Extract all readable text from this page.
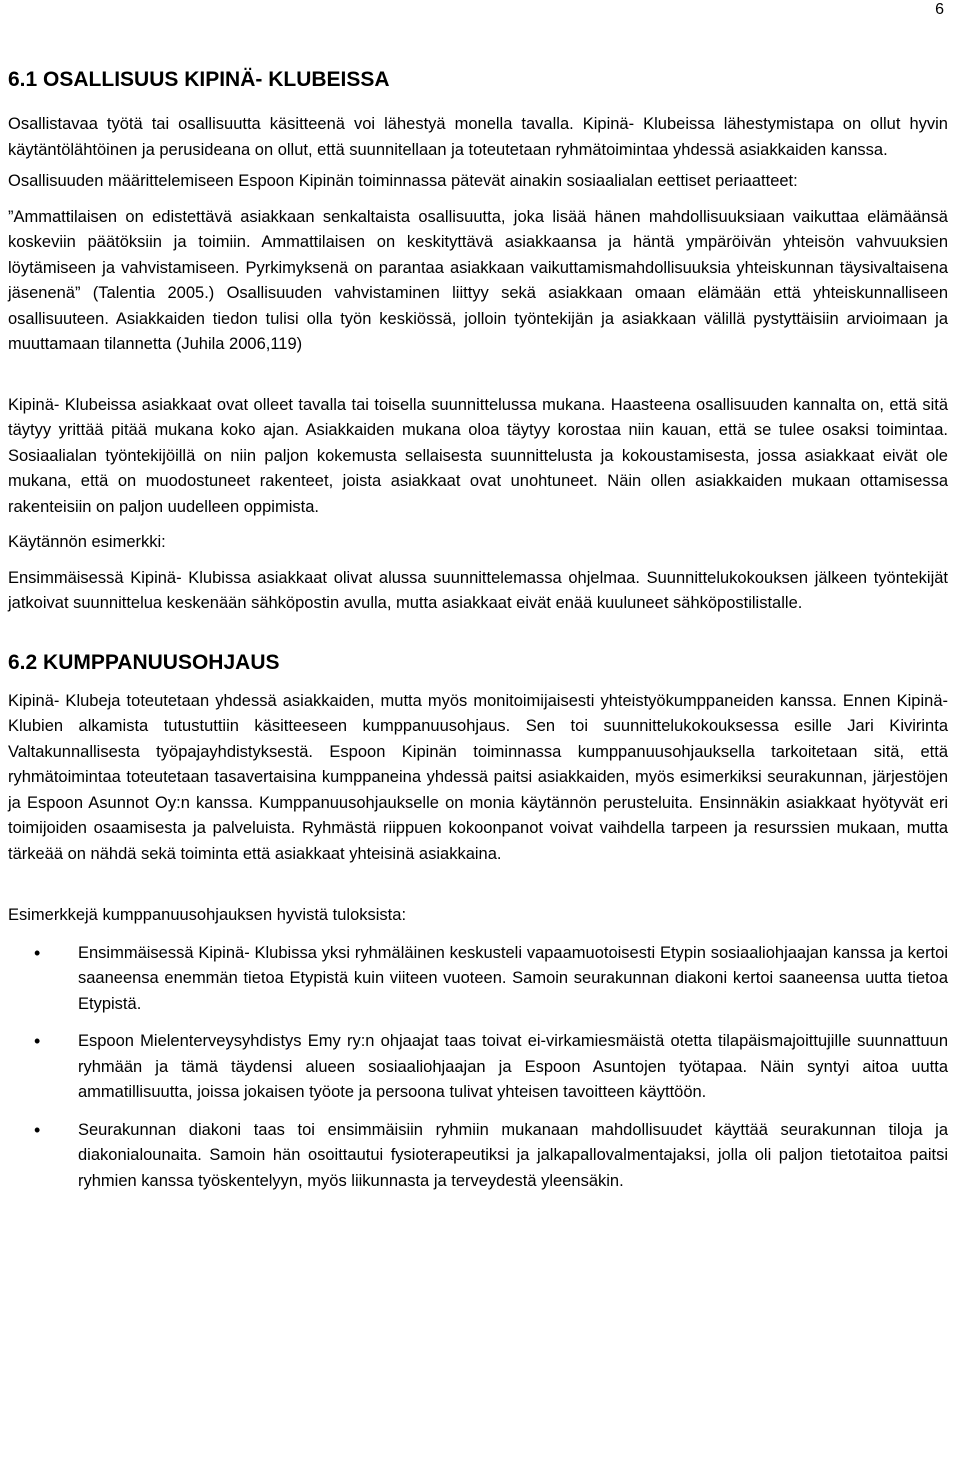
6
6.1 OSALLISUUS KIPINÄ- KLUBEISSA

Osallistavaa työtä tai osallisuutta käsitteenä voi lähestyä monella tavalla. Kipinä- Klubeissa lähestymistapa on ollut hyvin käytäntölähtöinen ja perusideana on ollut, että suunnitellaan ja toteutetaan ryhmätoimintaa yhdessä asiakkaiden kanssa.

Osallisuuden määrittelemiseen Espoon Kipinän toiminnassa pätevät ainakin sosiaalialan eettiset periaatteet:

”Ammattilaisen on edistettävä asiakkaan senkaltaista osallisuutta, joka lisää hänen mahdollisuuksiaan vaikuttaa elämäänsä koskeviin päätöksiin ja toimiin. Ammattilaisen on keskityttävä asiakkaansa ja häntä ympäröivän yhteisön vahvuuksien löytämiseen ja vahvistamiseen. Pyrkimyksenä on parantaa asiakkaan vaikuttamismahdollisuuksia yhteiskunnan täysivaltaisena jäsenenä” (Talentia 2005.) Osallisuuden vahvistaminen liittyy sekä asiakkaan omaan elämään että yhteiskunnalliseen osallisuuteen. Asiakkaiden tiedon tulisi olla työn keskiössä, jolloin työntekijän ja asiakkaan välillä pystyttäisiin arvioimaan ja muuttamaan tilannetta (Juhila 2006,119)

Kipinä- Klubeissa asiakkaat ovat olleet tavalla tai toisella suunnittelussa mukana. Haasteena osallisuuden kannalta on, että sitä täytyy yrittää pitää mukana koko ajan. Asiakkaiden mukana oloa täytyy korostaa niin kauan, että se tulee osaksi toimintaa. Sosiaalialan työntekijöillä on niin paljon kokemusta sellaisesta suunnittelusta ja kokoustamisesta, jossa asiakkaat eivät ole mukana, että on muodostuneet rakenteet, joista asiakkaat ovat unohtuneet. Näin ollen asiakkaiden mukaan ottamisessa rakenteisiin on paljon uudelleen oppimista.

Käytännön esimerkki:

Ensimmäisessä Kipinä- Klubissa asiakkaat olivat alussa suunnittelemassa ohjelmaa. Suunnittelukokouksen jälkeen työntekijät jatkoivat suunnittelua keskenään sähköpostin avulla, mutta asiakkaat eivät enää kuuluneet sähköpostilistalle.

6.2 KUMPPANUUSOHJAUS

Kipinä- Klubeja toteutetaan yhdessä asiakkaiden, mutta myös monitoimijaisesti yhteistyökumppaneiden kanssa. Ennen Kipinä- Klubien alkamista tutustuttiin käsitteeseen kumppanuusohjaus. Sen toi suunnittelukokouksessa esille Jari Kivirinta Valtakunnallisesta työpajayhdistyksestä. Espoon Kipinän toiminnassa kumppanuusohjauksella tarkoitetaan sitä, että ryhmätoimintaa toteutetaan tasavertaisina kumppaneina yhdessä paitsi asiakkaiden, myös esimerkiksi seurakunnan, järjestöjen ja Espoon Asunnot Oy:n kanssa. Kumppanuusohjaukselle on monia käytännön perusteluita. Ensinnäkin asiakkaat hyötyvät eri toimijoiden osaamisesta ja palveluista. Ryhmästä riippuen kokoonpanot voivat vaihdella tarpeen ja resurssien mukaan, mutta tärkeää on nähdä sekä toiminta että asiakkaat yhteisinä asiakkaina.

Esimerkkejä kumppanuusohjauksen hyvistä tuloksista:

• Ensimmäisessä Kipinä- Klubissa yksi ryhmäläinen keskusteli vapaamuotoisesti Etypin sosiaaliohjaajan kanssa ja kertoi saaneensa enemmän tietoa Etypistä kuin viiteen vuoteen. Samoin seurakunnan diakoni kertoi saaneensa uutta tietoa Etypistä.
• Espoon Mielenterveysyhdistys Emy ry:n ohjaajat taas toivat ei-virkamiesmäistä otetta tilapäismajoittujille suunnattuun ryhmään ja tämä täydensi alueen sosiaaliohjaajan ja Espoon Asuntojen työtapaa. Näin syntyi aitoa uutta ammatillisuutta, joissa jokaisen työote ja persoona tulivat yhteisen tavoitteen käyttöön.
• Seurakunnan diakoni taas toi ensimmäisiin ryhmiin mukanaan mahdollisuudet käyttää seurakunnan tiloja ja diakonialounaita. Samoin hän osoittautui fysioterapeutiksi ja jalkapallovalmentajaksi, jolla oli paljon tietotaitoa paitsi ryhmien kanssa työskentelyyn, myös liikunnasta ja terveydestä yleensäkin.
